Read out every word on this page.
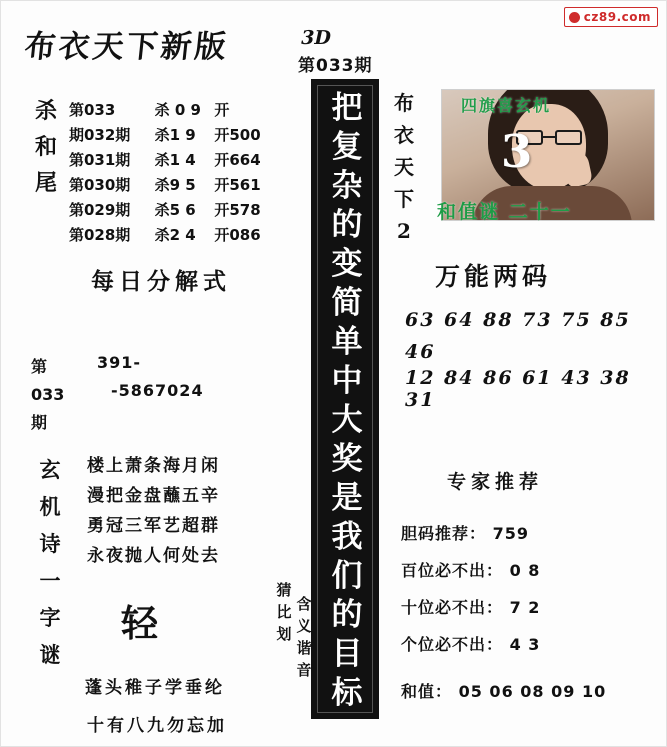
cz89.com
布衣天下新版	3D
第033期
杀和尾
第033	杀 0 9 开
期032期	杀1 9	开500
第031期	杀1 4	开664
第030期	杀9 5	开561
第029期	杀5 6	开578
第028期	杀2 4	开086
每日分解式
第033
期
391-
-5867024
玄
机
诗
一
字
谜
楼上萧条海月闲
漫把金盘蘸五辛
勇冠三军艺超群
永夜抛人何处去
轻
猜
比
划
含
义
谐
音
蓬头稚子学垂纶
十有八九勿忘加
把
复
杂
的
变
简
单
中
大
奖
是
我
们
的
目
标
布
衣
天
下
2
四旗喜玄机
3
和值谜 二十一
万能两码
63 64 88 73 75 85
46
12 84 86 61 43 38 31
专家推荐
胆码推荐： 759
百位必不出： 0 8
十位必不出： 7 2
个位必不出： 4 3
和值： 05 06 08 09 10
